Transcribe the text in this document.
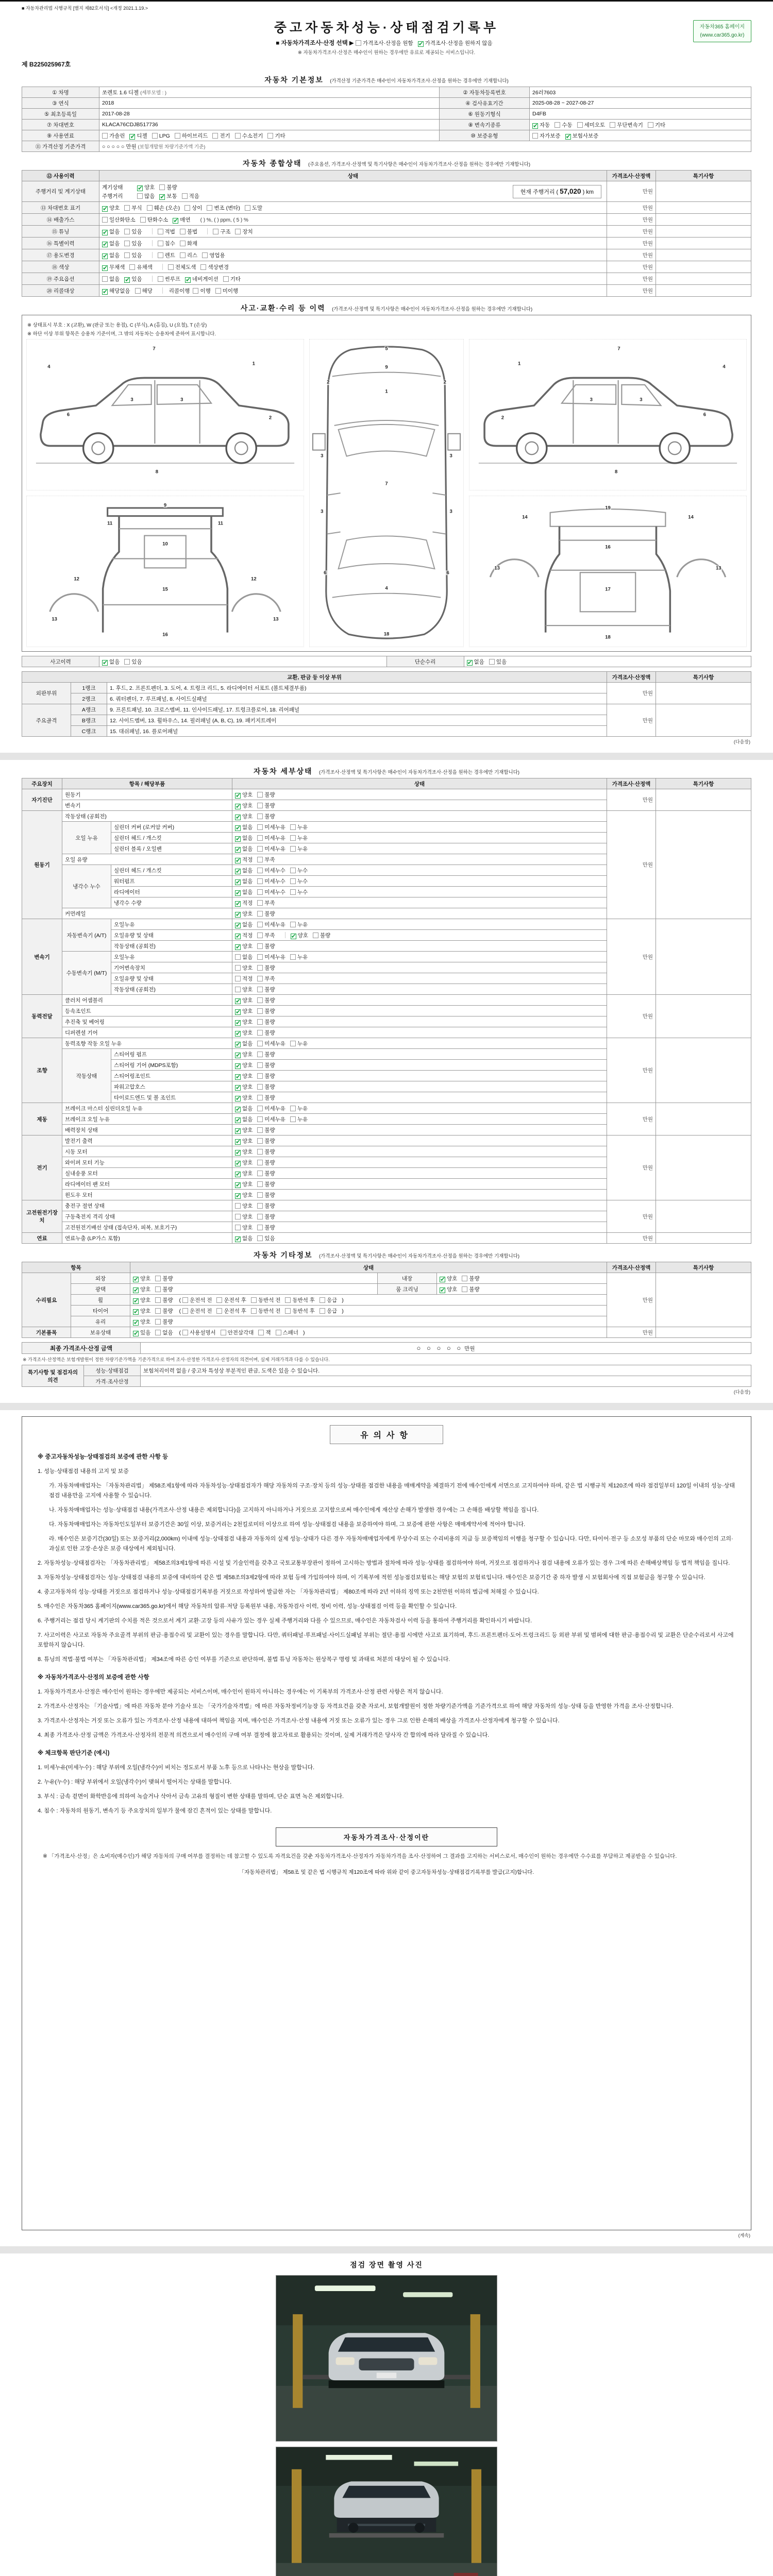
■ 자동차관리법 시행규칙 [별지 제82호서식] <개정 2021.1.19.>
중고자동차성능·상태점검기록부
■ 자동차가격조사·산정 선택 ▶ 가격조사·산정을 원함 ✔ 가격조사·산정을 원하지 않음
※ 자동차가격조사·산정은 매수인이 원하는 경우에만 유료로 제공되는 서비스입니다.
자동차365 홈페이지
(www.car365.go.kr)
제 B225025967호
자동차 기본정보 (가격산정 기준가격은 매수인이 자동차가격조사·산정을 원하는 경우에만 기재합니다)
① 차명	쏘렌토 1.6 디젤 (세부모델 : )	② 자동차등록번호	26러7603
③ 연식	2018	④ 검사유효기간	2025-08-28 ~ 2027-08-27
⑤ 최초등록일	2017-08-28	⑥ 원동기형식	D4FB
⑦ 차대번호	KLACA76CDJB517736	⑧ 변속기종류	✔ 자동 수동 세미오토 무단변속기 기타
⑨ 사용연료	가솔린 ✔ 디젤 LPG 하이브리드 전기 수소전기 기타	⑩ 보증유형	자가보증 ✔ 보험사보증
⑪ 가격산정 기준가격	○ ○ ○ ○ ○ 만원 (보험개발원 차량기준가액 기준)		
자동차 종합상태 (주요옵션, 가격조사·산정액 및 특기사항은 매수인이 자동차가격조사·산정을 원하는 경우에만 기재합니다)
⑫ 사용이력	상태	가격조사·산정액	특기사항
주행거리 및 계기상태	계기상태 ✔ 양호 불량
주행거리 많음 ✔ 보통 적음
현재 주행거리 ( 57,020 ) km	만원	
⑬ 차대번호 표기	✔ 양호 부식 훼손 (오손) 상이 변조 (변타) 도말	만원	
⑭ 배출가스	일산화탄소 탄화수소 ✔ 매연 ( ) %, ( ) ppm, ( 5 ) %	만원	
⑮ 튜닝	✔ 없음 있음 적법 불법 구조 장치	만원	
⑯ 특별이력	✔ 없음 있음 침수 화재	만원	
⑰ 용도변경	✔ 없음 있음 렌트 리스 영업용	만원	
⑱ 색상	✔ 무채색 유채색 전체도색 색상변경	만원	
⑲ 주요옵션	없음 ✔ 있음 썬루프 ✔ 네비게이션 기타	만원	
⑳ 리콜대상	✔ 해당없음 해당 리콜이행 이행 미이행	만원	
사고·교환·수리 등 이력 (가격조사·산정액 및 특기사항은 매수인이 자동차가격조사·산정을 원하는 경우에만 기재합니다)
※ 상태표시 부호 : X (교환), W (판금 또는 용접), C (부식), A (흠집), U (요철), T (손상)
※ 하단 이상 부위 항목은 승용차 기준이며, 그 밖의 자동차는 승용차에 준하여 표시합니다.
7
1
2
3
3
4
6
8
9
11	11
10
12	12
15
13	13
16
5
9
1
2	2
3	3
3	3
7
6	6
4
18
7
1
2
3	3
4
6
8
19
14	14
16
13	13
17
18
사고이력	✔ 없음 있음	단순수리	✔ 없음 있음
교환, 판금 등 이상 부위			가격조사·산정액	특기사항
외판부위	1랭크	1. 후드, 2. 프론트펜더, 3. 도어, 4. 트렁크 리드, 5. 라디에이터 서포트 (볼트체결부품)	만원	
	2랭크	6. 쿼터펜더, 7. 루프패널, 8. 사이드실패널		
주요골격	A랭크	9. 프론트패널, 10. 크로스멤버, 11. 인사이드패널, 17. 트렁크플로어, 18. 리어패널	만원	
	B랭크	12. 사이드멤버, 13. 휠하우스, 14. 필러패널 (A, B, C), 19. 패키지트레이		
	C랭크	15. 대쉬패널, 16. 플로어패널		
(다음장)
자동차 세부상태 (가격조사·산정액 및 특기사항은 매수인이 자동차가격조사·산정을 원하는 경우에만 기재합니다)
주요장치	항목 / 해당부품		상태	가격조사·산정액	특기사항
자기진단	원동기		✔ 양호 불량	만원	
	변속기		✔ 양호 불량		
원동기	작동상태 (공회전)		✔ 양호 불량	만원	
	오일 누유	실린더 커버 (로커암 커버)	✔ 없음 미세누유 누유		
		실린더 헤드 / 개스킷	✔ 없음 미세누유 누유		
		실린더 블록 / 오일팬	✔ 없음 미세누유 누유		
	오일 유량		✔ 적정 부족		
	냉각수 누수	실린더 헤드 / 개스킷	✔ 없음 미세누수 누수		
		워터펌프	✔ 없음 미세누수 누수		
		라디에이터	✔ 없음 미세누수 누수		
		냉각수 수량	✔ 적정 부족		
	커먼레일		✔ 양호 불량		
변속기	자동변속기 (A/T)	오일누유	✔ 없음 미세누유 누유	만원	
		오일유량 및 상태	✔ 적정 부족 ✔ 양호 불량		
		작동상태 (공회전)	✔ 양호 불량		
	수동변속기 (M/T)	오일누유	없음 미세누유 누유		
		기어변속장치	양호 불량		
		오일유량 및 상태	적정 부족		
		작동상태 (공회전)	양호 불량		
동력전달	클러치 어셈블리		✔ 양호 불량	만원	
	등속조인트		✔ 양호 불량		
	추진축 및 베어링		✔ 양호 불량		
	디퍼렌셜 기어		✔ 양호 불량		
조향	동력조향 작동 오일 누유		✔ 없음 미세누유 누유	만원	
	작동상태	스티어링 펌프	✔ 양호 불량		
		스티어링 기어 (MDPS포함)	✔ 양호 불량		
		스티어링조인트	✔ 양호 불량		
		파워고압호스	✔ 양호 불량		
		타이로드엔드 및 볼 조인트	✔ 양호 불량		
제동	브레이크 마스터 실린더오일 누유		✔ 없음 미세누유 누유	만원	
	브레이크 오일 누유		✔ 없음 미세누유 누유		
	배력장치 상태		✔ 양호 불량		
전기	발전기 출력		✔ 양호 불량	만원	
	시동 모터		✔ 양호 불량		
	와이퍼 모터 기능		✔ 양호 불량		
	실내송풍 모터		✔ 양호 불량		
	라디에이터 팬 모터		✔ 양호 불량		
	윈도우 모터		✔ 양호 불량		
고전원전기장치	충전구 절연 상태		양호 불량	만원	
	구동축전지 격리 상태		양호 불량		
	고전원전기배선 상태 (접속단자, 피복, 보호기구)		양호 불량		
연료	연료누출 (LP가스 포함)		✔ 없음 있음	만원	
자동차 기타정보 (가격조사·산정액 및 특기사항은 매수인이 자동차가격조사·산정을 원하는 경우에만 기재합니다)
항목		상태			가격조사·산정액	특기사항
수리필요	외장	✔ 양호 불량	내장	✔ 양호 불량	만원	
	광택	✔ 양호 불량	룸 크리닝	✔ 양호 불량		
	휠	✔ 양호 불량 ( 운전석 전 운전석 후 동반석 전 동반석 후 응급 )				
	타이어	✔ 양호 불량 ( 운전석 전 운전석 후 동반석 전 동반석 후 응급 )				
	유리	✔ 양호 불량				
기본품목	보유상태	✔ 있음 없음 ( 사용설명서 안전삼각대 잭 스패너 )			만원	
최종 가격조사·산정 금액	○ ○ ○ ○ ○ 만원
※ 가격조사·산정액은 보험개발원이 정한 차량기준가액을 기준가격으로 하여 조사·산정한 가격조사·산정자의 의견이며, 실제 거래가격과 다를 수 있습니다.
특기사항 및 점검자의 의견	성능·상태점검	보험처리이력 없음 / 중고차 특성상 부분적인 판금, 도색은 있을 수 있습니다.
	가격·조사산정	
(다음장)
유의사항
※ 중고자동차성능·상태점검의 보증에 관한 사항 등
1. 성능·상태점검 내용의 고지 및 보증
가. 자동차매매업자는 「자동차관리법」 제58조제1항에 따라 자동차성능·상태점검자가 해당 자동차의 구조·장치 등의 성능·상태를 점검한 내용을 매매계약을 체결하기 전에 매수인에게 서면으로 고지하여야 하며, 같은 법 시행규칙 제120조에 따라 점검일부터 120일 이내의 성능·상태점검 내용만을 고지에 사용할 수 있습니다.
나. 자동차매매업자는 성능·상태점검 내용(가격조사·산정 내용은 제외합니다)을 고지하지 아니하거나 거짓으로 고지함으로써 매수인에게 재산상 손해가 발생한 경우에는 그 손해를 배상할 책임을 집니다.
다. 자동차매매업자는 자동차인도일부터 보증기간은 30일 이상, 보증거리는 2천킬로미터 이상으로 하여 성능·상태점검 내용을 보증하여야 하며, 그 보증에 관한 사항은 매매계약서에 적어야 합니다.
라. 매수인은 보증기간(30일) 또는 보증거리(2,000km) 이내에 성능·상태점검 내용과 자동차의 실제 성능·상태가 다른 경우 자동차매매업자에게 무상수리 또는 수리비용의 지급 등 보증책임의 이행을 청구할 수 있습니다. 다만, 타이어·전구 등 소모성 부품의 단순 마모와 매수인의 고의·과실로 인한 고장·손상은 보증 대상에서 제외됩니다.
2. 자동차성능·상태점검자는 「자동차관리법」 제58조의3제1항에 따른 시설 및 기술인력을 갖추고 국토교통부장관이 정하여 고시하는 방법과 절차에 따라 성능·상태를 점검하여야 하며, 거짓으로 점검하거나 점검 내용에 오류가 있는 경우 그에 따른 손해배상책임 등 법적 책임을 집니다.
3. 자동차성능·상태점검자는 성능·상태점검 내용의 보증에 대비하여 같은 법 제58조의3제2항에 따라 보험 등에 가입하여야 하며, 이 기록부에 적힌 성능점검보험료는 해당 보험의 보험료입니다. 매수인은 보증기간 중 하자 발생 시 보험회사에 직접 보험금을 청구할 수 있습니다.
4. 중고자동차의 성능·상태를 거짓으로 점검하거나 성능·상태점검기록부를 거짓으로 작성하여 발급한 자는 「자동차관리법」 제80조에 따라 2년 이하의 징역 또는 2천만원 이하의 벌금에 처해질 수 있습니다.
5. 매수인은 자동차365 홈페이지(www.car365.go.kr)에서 해당 자동차의 압류·저당 등록원부 내용, 자동차검사 이력, 정비 이력, 성능·상태점검 이력 등을 확인할 수 있습니다.
6. 주행거리는 점검 당시 계기판의 수치를 적은 것으로서 계기 교환·고장 등의 사유가 있는 경우 실제 주행거리와 다를 수 있으므로, 매수인은 자동차검사 이력 등을 통하여 주행거리를 확인하시기 바랍니다.
7. 사고이력은 사고로 자동차 주요골격 부위의 판금·용접수리 및 교환이 있는 경우를 말합니다. 다만, 쿼터패널·루프패널·사이드실패널 부위는 절단·용접 시에만 사고로 표기하며, 후드·프론트펜더·도어·트렁크리드 등 외판 부위 및 범퍼에 대한 판금·용접수리 및 교환은 단순수리로서 사고에 포함하지 않습니다.
8. 튜닝의 적법·불법 여부는 「자동차관리법」 제34조에 따른 승인 여부를 기준으로 판단하며, 불법 튜닝 자동차는 원상복구 명령 및 과태료 처분의 대상이 될 수 있습니다.
※ 자동차가격조사·산정의 보증에 관한 사항
1. 자동차가격조사·산정은 매수인이 원하는 경우에만 제공되는 서비스이며, 매수인이 원하지 아니하는 경우에는 이 기록부의 가격조사·산정 관련 사항은 적지 않습니다.
2. 가격조사·산정자는 「기술사법」에 따른 자동차 분야 기술사 또는 「국가기술자격법」에 따른 자동차정비기능장 등 자격요건을 갖춘 자로서, 보험개발원이 정한 차량기준가액을 기준가격으로 하여 해당 자동차의 성능·상태 등을 반영한 가격을 조사·산정합니다.
3. 가격조사·산정자는 거짓 또는 오류가 있는 가격조사·산정 내용에 대하여 책임을 지며, 매수인은 가격조사·산정 내용에 거짓 또는 오류가 있는 경우 그로 인한 손해의 배상을 가격조사·산정자에게 청구할 수 있습니다.
4. 최종 가격조사·산정 금액은 가격조사·산정자의 전문적 의견으로서 매수인의 구매 여부 결정에 참고자료로 활용되는 것이며, 실제 거래가격은 당사자 간 합의에 따라 달라질 수 있습니다.
※ 체크항목 판단기준 (예시)
1. 미세누유(미세누수) : 해당 부위에 오일(냉각수)이 비치는 정도로서 부품 노후 등으로 나타나는 현상을 말합니다.
2. 누유(누수) : 해당 부위에서 오일(냉각수)이 맺혀서 떨어지는 상태를 말합니다.
3. 부식 : 금속 겉면이 화학반응에 의하여 녹슬거나 삭아서 금속 고유의 형질이 변한 상태를 말하며, 단순 표면 녹은 제외합니다.
4. 침수 : 자동차의 원동기, 변속기 등 주요장치의 일부가 물에 잠긴 흔적이 있는 상태를 말합니다.
자동차가격조사·산정이란
※ 「가격조사·산정」은 소비자(매수인)가 해당 자동차의 구매 여부를 결정하는 데 참고할 수 있도록 자격요건을 갖춘 자동차가격조사·산정자가 자동차가격을 조사·산정하여 그 결과를 고지하는 서비스로서, 매수인이 원하는 경우에만 수수료를 부담하고 제공받을 수 있습니다.
「자동차관리법」 제58조 및 같은 법 시행규칙 제120조에 따라 위와 같이 중고자동차성능·상태점검기록부를 발급(고지)합니다.
(계속)
점검 장면 촬영 사진
